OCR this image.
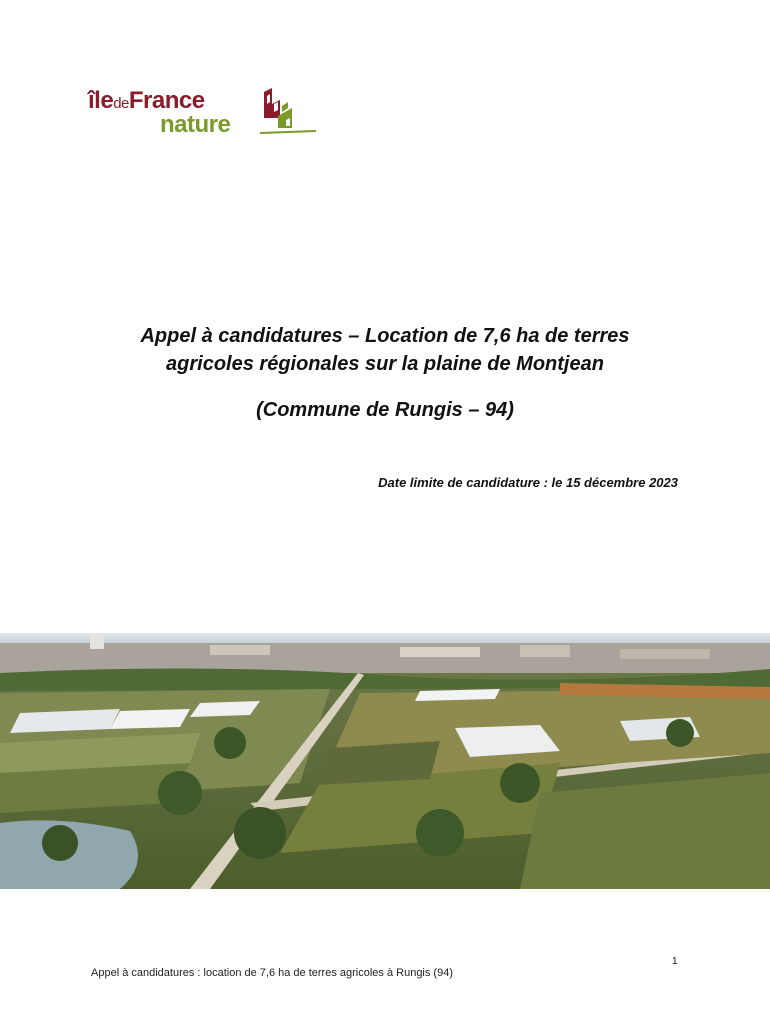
îledeFrance
nature
Appel à candidatures – Location de 7,6 ha de terres
agricoles régionales sur la plaine de Montjean
(Commune de Rungis – 94)
Date limite de candidature : le 15 décembre 2023
1
Appel à candidatures : location de 7,6 ha de terres agricoles à Rungis (94)
